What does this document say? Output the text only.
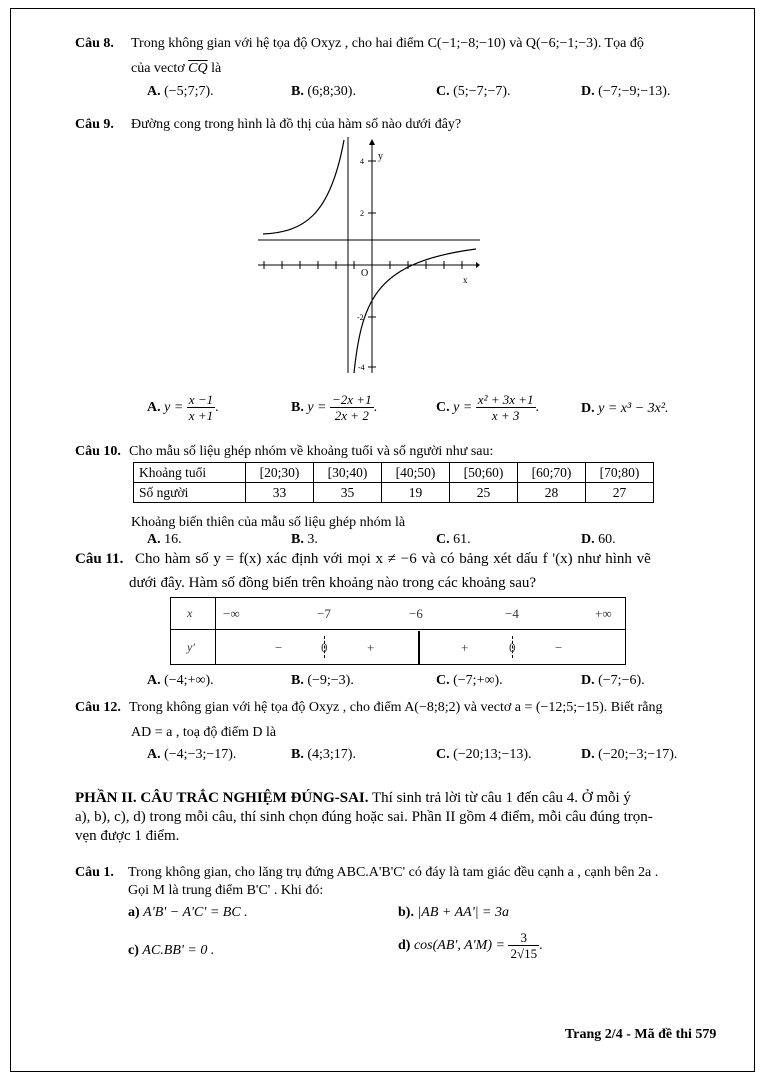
Câu 8. Trong không gian với hệ tọa độ Oxyz , cho hai điểm C(−1;−8;−10) và Q(−6;−1;−3). Tọa độ
của vectơ $\overline{CQ}$ là
A. (−5;7;7).	B. (6;8;30).	C. (5;−7;−7).	D. (−7;−9;−13).
Câu 9. Đường cong trong hình là đồ thị của hàm số nào dưới đây?
4
2
-2
-4
y
x
O
A. $y = \frac{x -1}{x +1}$ .	B. $y = \frac{-2x +1}{2x + 2}$ .	C. $y = \frac{\text{x² + 3x +1}}{x + 3}$ .	D. y = x³ − 3x².
Câu 10. Cho mẫu số liệu ghép nhóm về khoảng tuổi và số người như sau:
Khoảng tuổi	[20;30)	[30;40)	[40;50)	[50;60)	[60;70)	[70;80)
Số người	33	35	19	25	28	27
Khoảng biến thiên của mẫu số liệu ghép nhóm là
A. 16.	B. 3.	C. 61.	D. 60.
Câu 11. Cho hàm số y = f(x) xác định với mọi x ≠ −6 và có bảng xét dấu f '(x) như hình vẽ
dưới đây. Hàm số đồng biến trên khoảng nào trong các khoảng sau?
x
y′
−∞	−7	−6	−4	+∞
−	0	+	+	0	−
A. (−4;+∞).	B. (−9;−3).	C. (−7;+∞).	D. (−7;−6).
Câu 12. Trong không gian với hệ tọa độ Oxyz , cho điểm A(−8;8;2) và vectơ a = (−12;5;−15). Biết rằng
AD = a , toạ độ điểm D là
A. (−4;−3;−17).	B. (4;3;17).	C. (−20;13;−13).	D. (−20;−3;−17).
PHẦN II. CÂU TRẮC NGHIỆM ĐÚNG-SAI. Thí sinh trả lời từ câu 1 đến câu 4. Ở mỗi ý
a), b), c), d) trong mỗi câu, thí sinh chọn đúng hoặc sai. Phần II gồm 4 điểm, mỗi câu đúng trọn-
vẹn được 1 điểm.
Câu 1. Trong không gian, cho lăng trụ đứng ABC.A'B'C' có đáy là tam giác đều cạnh a , cạnh bên 2a .
Gọi M là trung điểm B'C' . Khi đó:
a) A'B' − A'C' = BC .	b). |AB + AA'| = 3a
c) AC.BB' = 0 .	d) cos(AB', $A'M) = \frac{3}{2√15}$ .
Trang 2/4 - Mã đề thi 579
